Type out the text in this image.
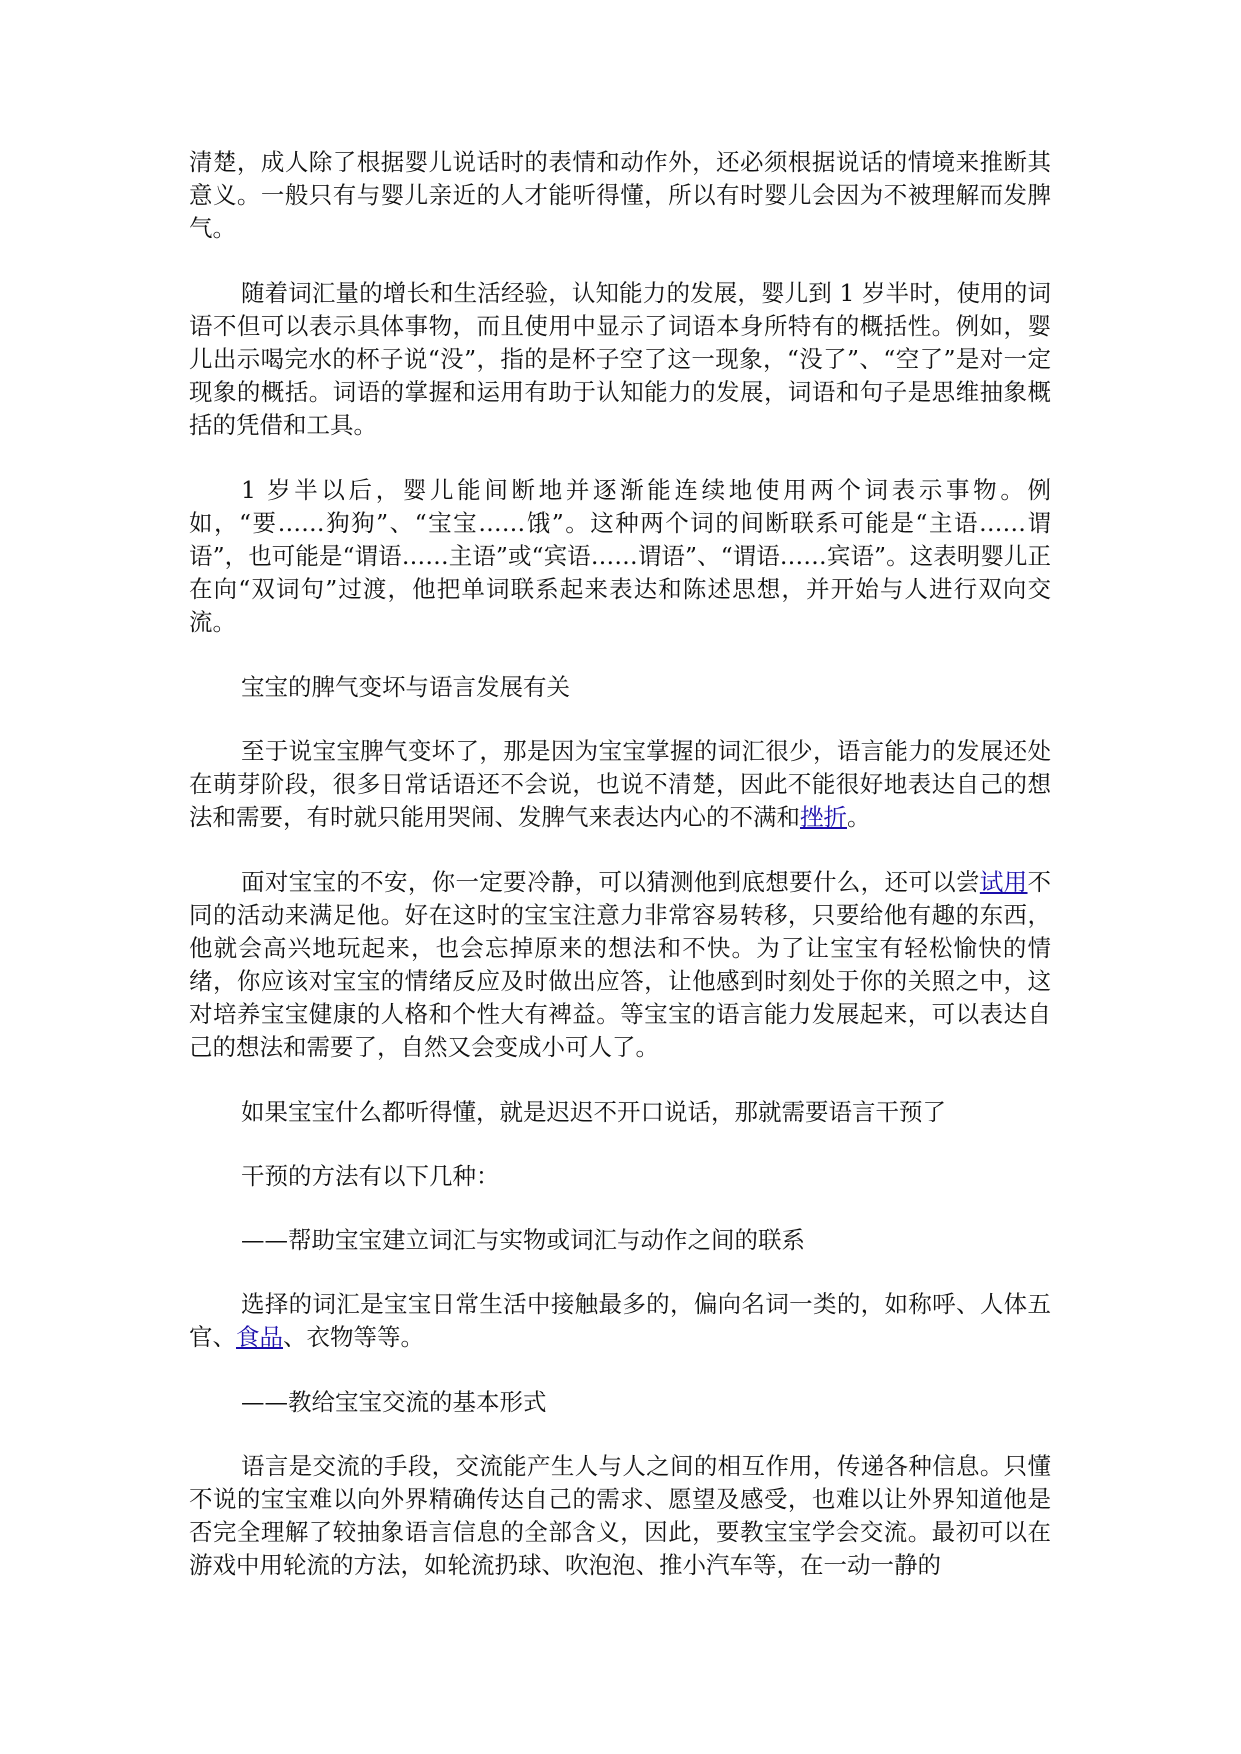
清楚，成人除了根据婴儿说话时的表情和动作外，还必须根据说话的情境来推断其意义。一般只有与婴儿亲近的人才能听得懂，所以有时婴儿会因为不被理解而发脾气。

随着词汇量的增长和生活经验，认知能力的发展，婴儿到 1 岁半时，使用的词语不但可以表示具体事物，而且使用中显示了词语本身所特有的概括性。例如，婴儿出示喝完水的杯子说“没”，指的是杯子空了这一现象，“没了”、“空了”是对一定现象的概括。词语的掌握和运用有助于认知能力的发展，词语和句子是思维抽象概括的凭借和工具。

1 岁半以后，婴儿能间断地并逐渐能连续地使用两个词表示事物。例如，“要……狗狗”、“宝宝……饿”。这种两个词的间断联系可能是“主语……谓语”，也可能是“谓语……主语”或“宾语……谓语”、“谓语……宾语”。这表明婴儿正在向“双词句”过渡，他把单词联系起来表达和陈述思想，并开始与人进行双向交流。

宝宝的脾气变坏与语言发展有关

至于说宝宝脾气变坏了，那是因为宝宝掌握的词汇很少，语言能力的发展还处在萌芽阶段，很多日常话语还不会说，也说不清楚，因此不能很好地表达自己的想法和需要，有时就只能用哭闹、发脾气来表达内心的不满和挫折。

面对宝宝的不安，你一定要冷静，可以猜测他到底想要什么，还可以尝试用不同的活动来满足他。好在这时的宝宝注意力非常容易转移，只要给他有趣的东西，他就会高兴地玩起来，也会忘掉原来的想法和不快。为了让宝宝有轻松愉快的情绪，你应该对宝宝的情绪反应及时做出应答，让他感到时刻处于你的关照之中，这对培养宝宝健康的人格和个性大有裨益。等宝宝的语言能力发展起来，可以表达自己的想法和需要了，自然又会变成小可人了。

如果宝宝什么都听得懂，就是迟迟不开口说话，那就需要语言干预了

干预的方法有以下几种：

——帮助宝宝建立词汇与实物或词汇与动作之间的联系

选择的词汇是宝宝日常生活中接触最多的，偏向名词一类的，如称呼、人体五官、食品、衣物等等。

——教给宝宝交流的基本形式

语言是交流的手段，交流能产生人与人之间的相互作用，传递各种信息。只懂不说的宝宝难以向外界精确传达自己的需求、愿望及感受，也难以让外界知道他是否完全理解了较抽象语言信息的全部含义，因此，要教宝宝学会交流。最初可以在游戏中用轮流的方法，如轮流扔球、吹泡泡、推小汽车等，在一动一静的
